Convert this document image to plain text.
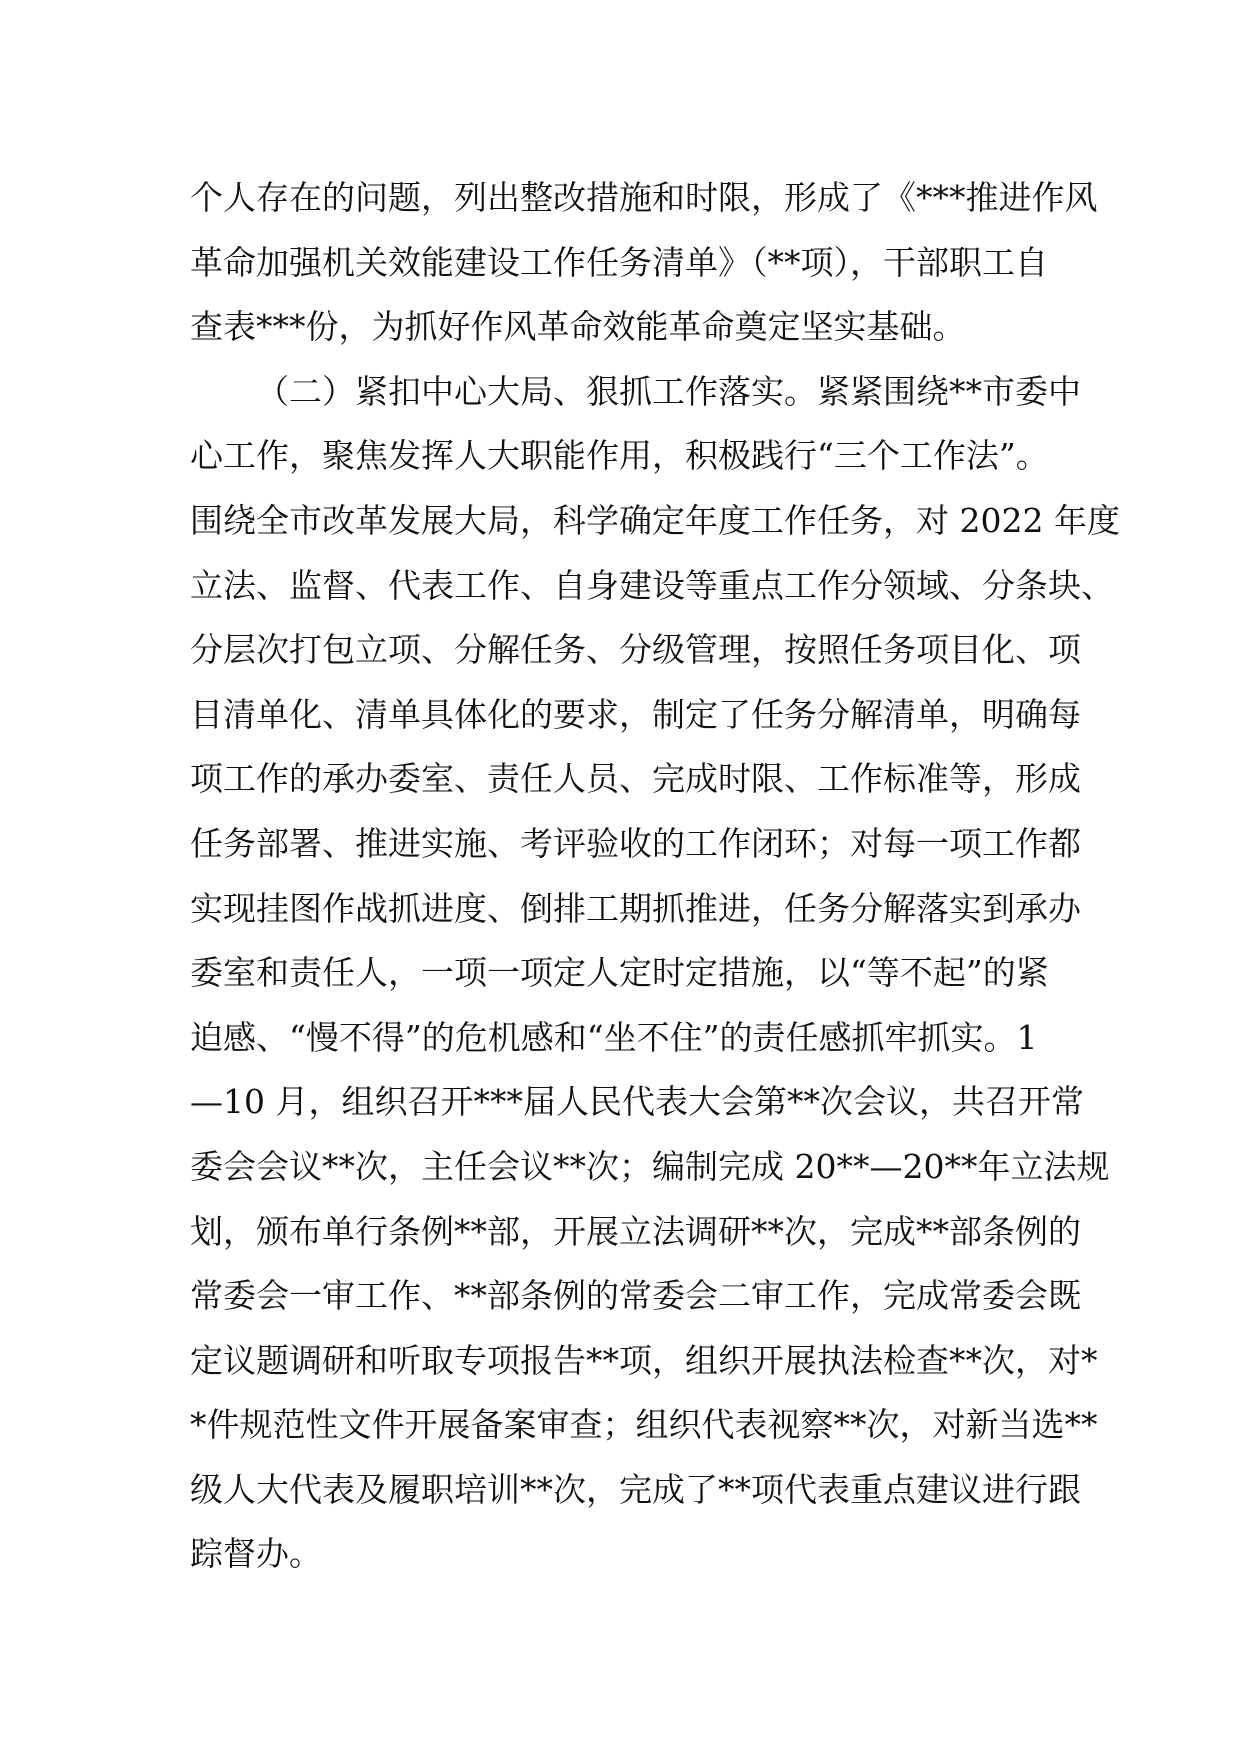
个人存在的问题，列出整改措施和时限，形成了《***推进作风
革命加强机关效能建设工作任务清单》（**项），干部职工自
查表***份，为抓好作风革命效能革命奠定坚实基础。
（二）紧扣中心大局、狠抓工作落实。紧紧围绕**市委中
心工作，聚焦发挥人大职能作用，积极践行“三个工作法”。
围绕全市改革发展大局，科学确定年度工作任务，对 2022 年度
立法、监督、代表工作、自身建设等重点工作分领域、分条块、
分层次打包立项、分解任务、分级管理，按照任务项目化、项
目清单化、清单具体化的要求，制定了任务分解清单，明确每
项工作的承办委室、责任人员、完成时限、工作标准等，形成
任务部署、推进实施、考评验收的工作闭环；对每一项工作都
实现挂图作战抓进度、倒排工期抓推进，任务分解落实到承办
委室和责任人，一项一项定人定时定措施，以“等不起”的紧
迫感、“慢不得”的危机感和“坐不住”的责任感抓牢抓实。1
—10 月，组织召开***届人民代表大会第**次会议，共召开常
委会会议**次，主任会议**次；编制完成 20**—20**年立法规
划，颁布单行条例**部，开展立法调研**次，完成**部条例的
常委会一审工作、**部条例的常委会二审工作，完成常委会既
定议题调研和听取专项报告**项，组织开展执法检查**次，对*
*件规范性文件开展备案审查；组织代表视察**次，对新当选**
级人大代表及履职培训**次，完成了**项代表重点建议进行跟
踪督办。
